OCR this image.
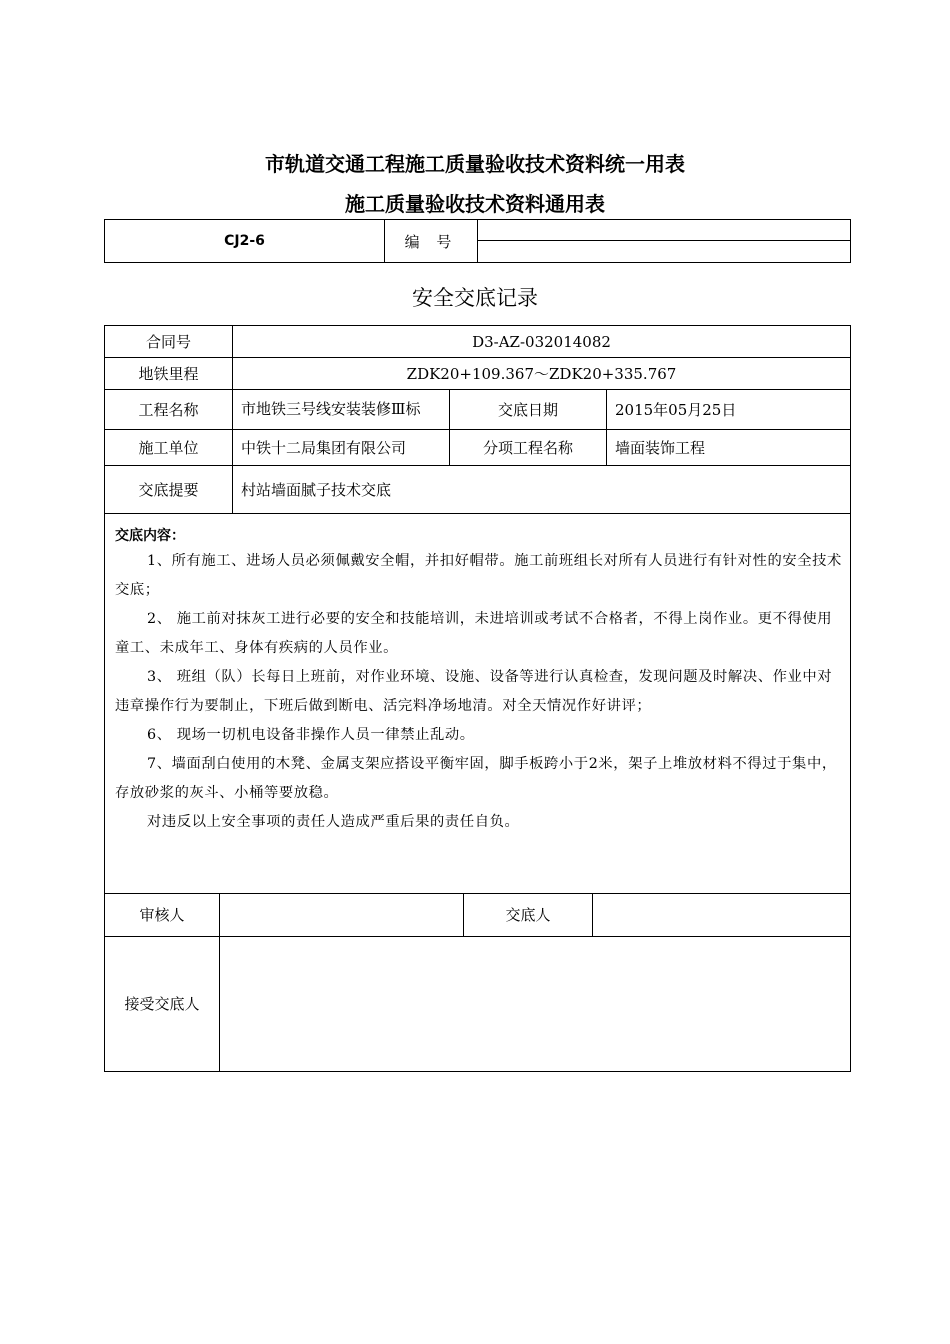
市轨道交通工程施工质量验收技术资料统一用表
施工质量验收技术资料通用表
CJ2-6	编 号	
安全交底记录
合同号	D3-AZ-032014082		
地铁里程	ZDK20+109.367～ZDK20+335.767		
工程名称	市地铁三号线安装装修Ⅲ标	交底日期	2015年05月25日
施工单位	中铁十二局集团有限公司	分项工程名称	墙面装饰工程
交底提要	村站墙面腻子技术交底		
交底内容：
1、所有施工、进场人员必须佩戴安全帽，并扣好帽带。施工前班组长对所有人员进行有针对性的安全技术交底；
2、 施工前对抹灰工进行必要的安全和技能培训，未进培训或考试不合格者，不得上岗作业。更不得使用童工、未成年工、身体有疾病的人员作业。
3、 班组（队）长每日上班前，对作业环境、设施、设备等进行认真检查，发现问题及时解决、作业中对违章操作行为要制止，下班后做到断电、活完料净场地清。对全天情况作好讲评；
6、 现场一切机电设备非操作人员一律禁止乱动。
7、墙面刮白使用的木凳、金属支架应搭设平衡牢固，脚手板跨小于2米，架子上堆放材料不得过于集中，存放砂浆的灰斗、小桶等要放稳。
对违反以上安全事项的责任人造成严重后果的责任自负。
审核人		交底人	
接受交底人			
